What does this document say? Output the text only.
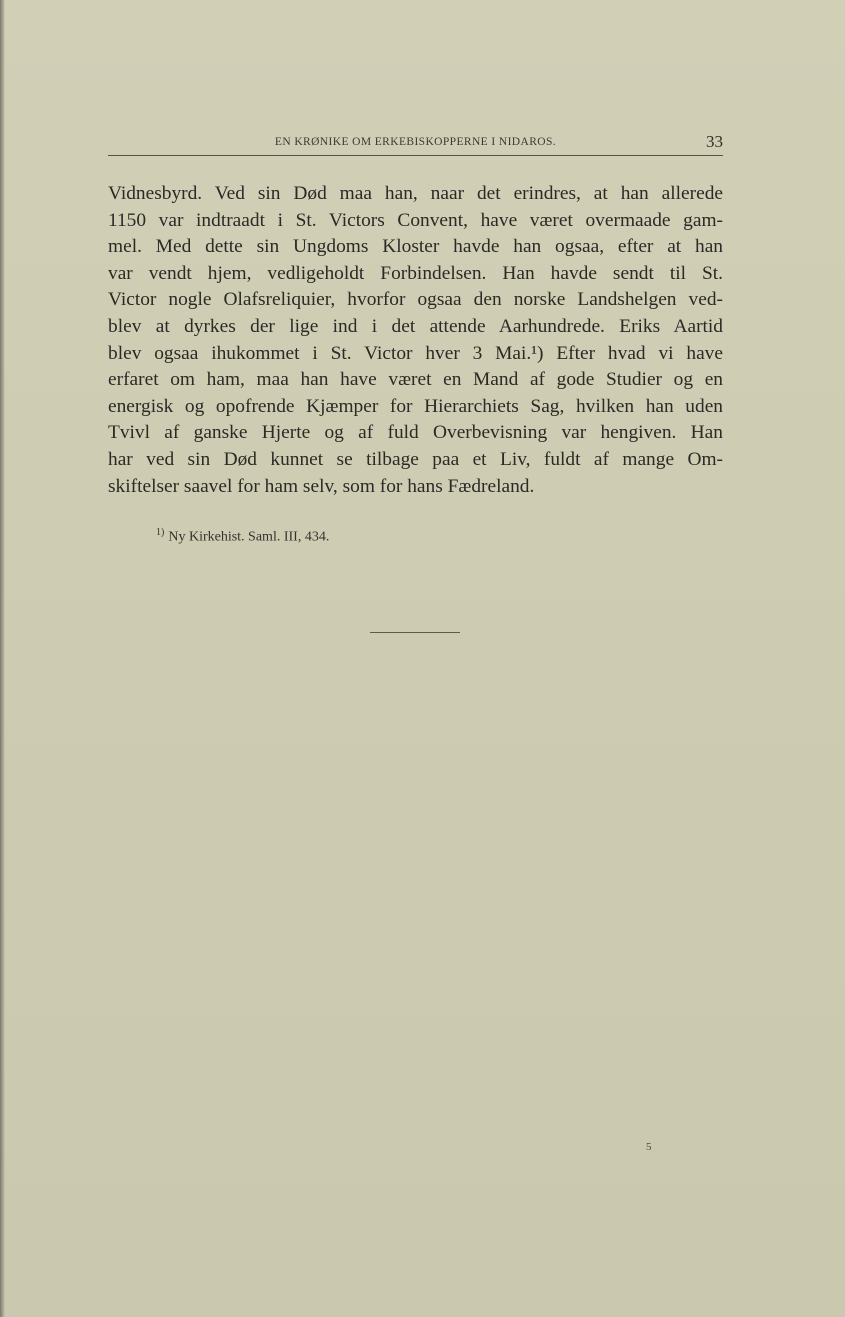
EN KRØNIKE OM ERKEBISKOPPERNE I NIDAROS.	33
Vidnesbyrd. Ved sin Død maa han, naar det erindres, at han allerede
1150 var indtraadt i St. Victors Convent, have været overmaade gam-
mel. Med dette sin Ungdoms Kloster havde han ogsaa, efter at han
var vendt hjem, vedligeholdt Forbindelsen. Han havde sendt til St.
Victor nogle Olafsreliquier, hvorfor ogsaa den norske Landshelgen ved-
blev at dyrkes der lige ind i det attende Aarhundrede. Eriks Aartid
blev ogsaa ihukommet i St. Victor hver 3 Mai.¹) Efter hvad vi have
erfaret om ham, maa han have været en Mand af gode Studier og en
energisk og opofrende Kjæmper for Hierarchiets Sag, hvilken han uden
Tvivl af ganske Hjerte og af fuld Overbevisning var hengiven. Han
har ved sin Død kunnet se tilbage paa et Liv, fuldt af mange Om-
skiftelser saavel for ham selv, som for hans Fædreland.
$^{1)}$ Ny Kirkehist. Saml. III, 434.
5
